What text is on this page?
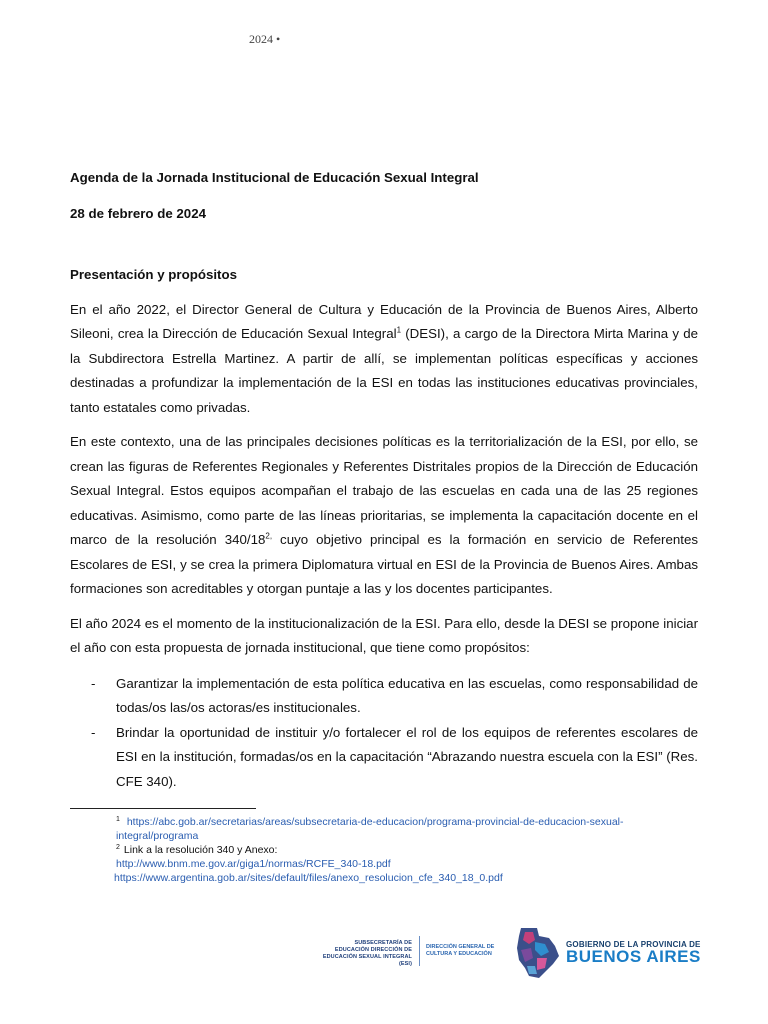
2024 •

Agenda de la Jornada Institucional de Educación Sexual Integral

28 de febrero de 2024

Presentación y propósitos

En el año 2022, el Director General de Cultura y Educación de la Provincia de Buenos Aires, Alberto Sileoni, crea la Dirección de Educación Sexual Integral$^1$ (DESI), a cargo de la Directora Mirta Marina y de la Subdirectora Estrella Martinez. A partir de allí, se implementan políticas específicas y acciones destinadas a profundizar la implementación de la ESI en todas las instituciones educativas provinciales, tanto estatales como privadas.

En este contexto, una de las principales decisiones políticas es la territorialización de la ESI, por ello, se crean las figuras de Referentes Regionales y Referentes Distritales propios de la Dirección de Educación Sexual Integral. Estos equipos acompañan el trabajo de las escuelas en cada una de las 25 regiones educativas. Asimismo, como parte de las líneas prioritarias, se implementa la capacitación docente en el marco de la resolución $340/18^{2,}$ cuyo objetivo principal es la formación en servicio de Referentes Escolares de ESI, y se crea la primera Diplomatura virtual en ESI de la Provincia de Buenos Aires. Ambas formaciones son acreditables y otorgan puntaje a las y los docentes participantes.

El año 2024 es el momento de la institucionalización de la ESI. Para ello, desde la DESI se propone iniciar el año con esta propuesta de jornada institucional, que tiene como propósitos:

- Garantizar la implementación de esta política educativa en las escuelas, como responsabilidad de todas/os las/os actoras/es institucionales.
- Brindar la oportunidad de instituir y/o fortalecer el rol de los equipos de referentes escolares de ESI en la institución, formadas/os en la capacitación “Abrazando nuestra escuela con la ESI” (Res. CFE 340).
$^1$ https://abc.gob.ar/secretarias/areas/subsecretaria-de-educacion/programa-provincial-de-educacion-sexual-integral/programa
$^2$ Link a la resolución 340 y Anexo:
http://www.bnm.me.gov.ar/giga1/normas/RCFE_340-18.pdf
https://www.argentina.gob.ar/sites/default/files/anexo_resolucion_cfe_340_18_0.pdf
SUBSECRETARÍA DE EDUCACIÓN DIRECCIÓN DE EDUCACIÓN SEXUAL INTEGRAL (ESI)
DIRECCIÓN GENERAL DE CULTURA Y EDUCACIÓN
GOBIERNO DE LA PROVINCIA DE
BUENOS AIRES
